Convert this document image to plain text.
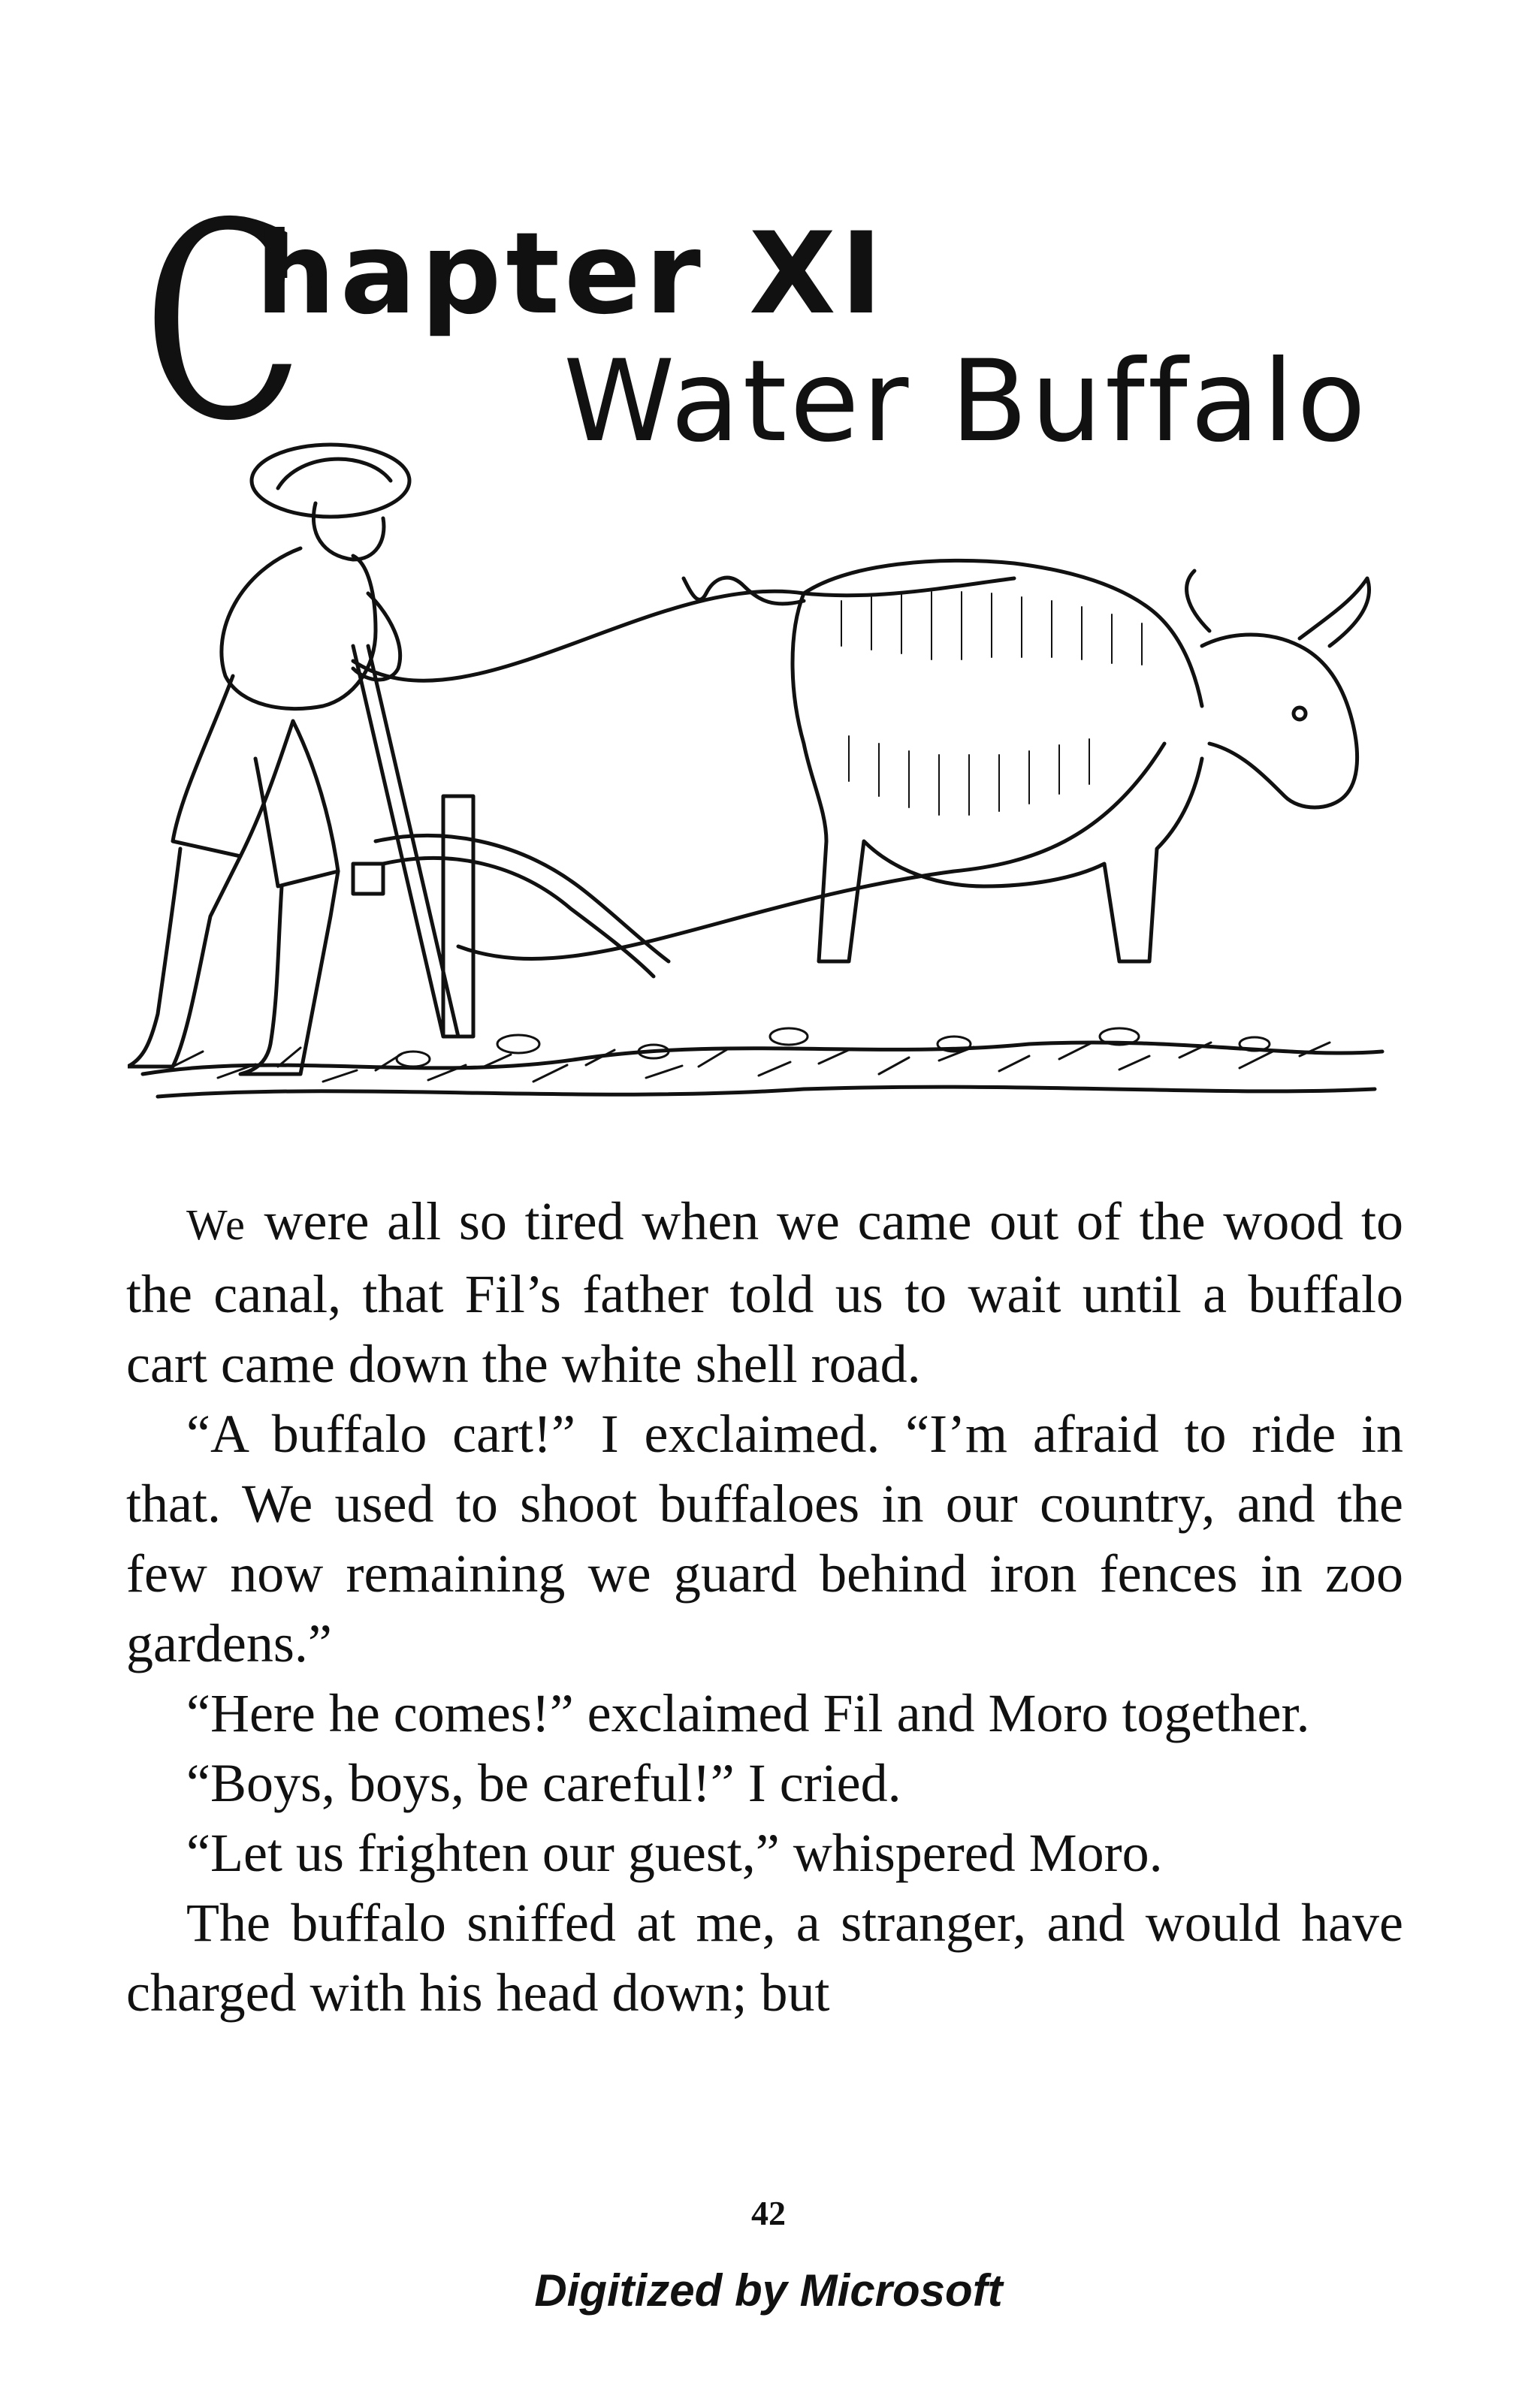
C
hapter XI
Water Buffalo

We were all so tired when we came out of the wood to the canal, that Fil’s father told us to wait until a buffalo cart came down the white shell road.

“A buffalo cart!” I exclaimed. “I’m afraid to ride in that. We used to shoot buffaloes in our country, and the few now remaining we guard behind iron fences in zoo gardens.”

“Here he comes!” exclaimed Fil and Moro together.

“Boys, boys, be careful!” I cried.

“Let us frighten our guest,” whispered Moro.

The buffalo sniffed at me, a stranger, and would have charged with his head down; but

42
Digitized by Microsoft
